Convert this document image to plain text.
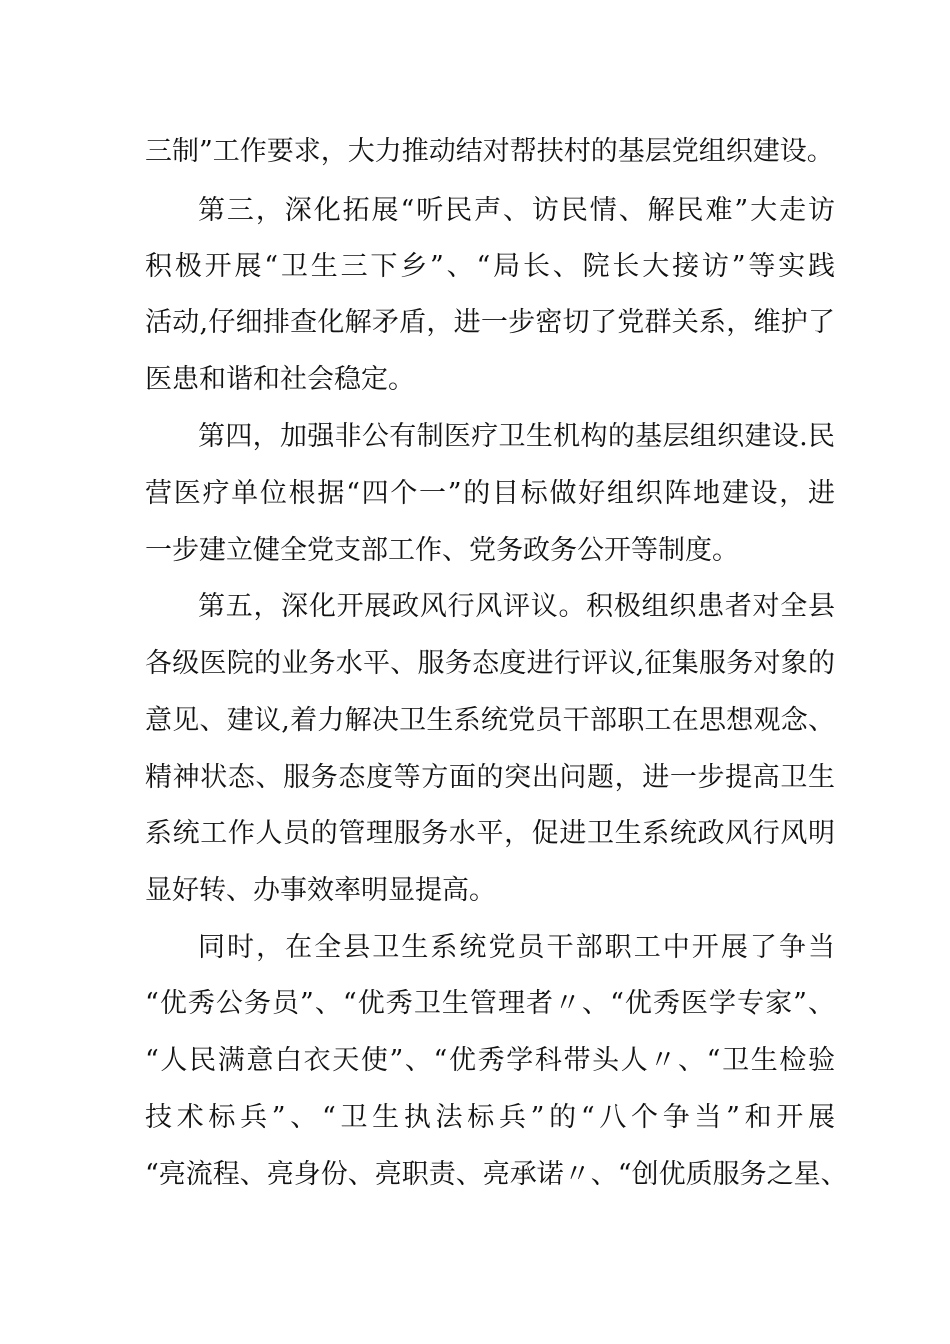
三制”工作要求，大力推动结对帮扶村的基层党组织建设。
第三，深化拓展“听民声、访民情、解民难”大走访
积极开展“卫生三下乡”、“局长、院长大接访”等实践
活动,仔细排查化解矛盾，进一步密切了党群关系，维护了
医患和谐和社会稳定。
第四，加强非公有制医疗卫生机构的基层组织建设.民
营医疗单位根据“四个一”的目标做好组织阵地建设，进
一步建立健全党支部工作、党务政务公开等制度。
第五，深化开展政风行风评议。积极组织患者对全县
各级医院的业务水平、服务态度进行评议,征集服务对象的
意见、建议,着力解决卫生系统党员干部职工在思想观念、
精神状态、服务态度等方面的突出问题，进一步提高卫生
系统工作人员的管理服务水平，促进卫生系统政风行风明
显好转、办事效率明显提高。
同时，在全县卫生系统党员干部职工中开展了争当
“优秀公务员”、“优秀卫生管理者〃、“优秀医学专家”、
“人民满意白衣天使”、“优秀学科带头人〃、“卫生检验
技术标兵”、“卫生执法标兵”的“八个争当”和开展
“亮流程、亮身份、亮职责、亮承诺〃、“创优质服务之星、
